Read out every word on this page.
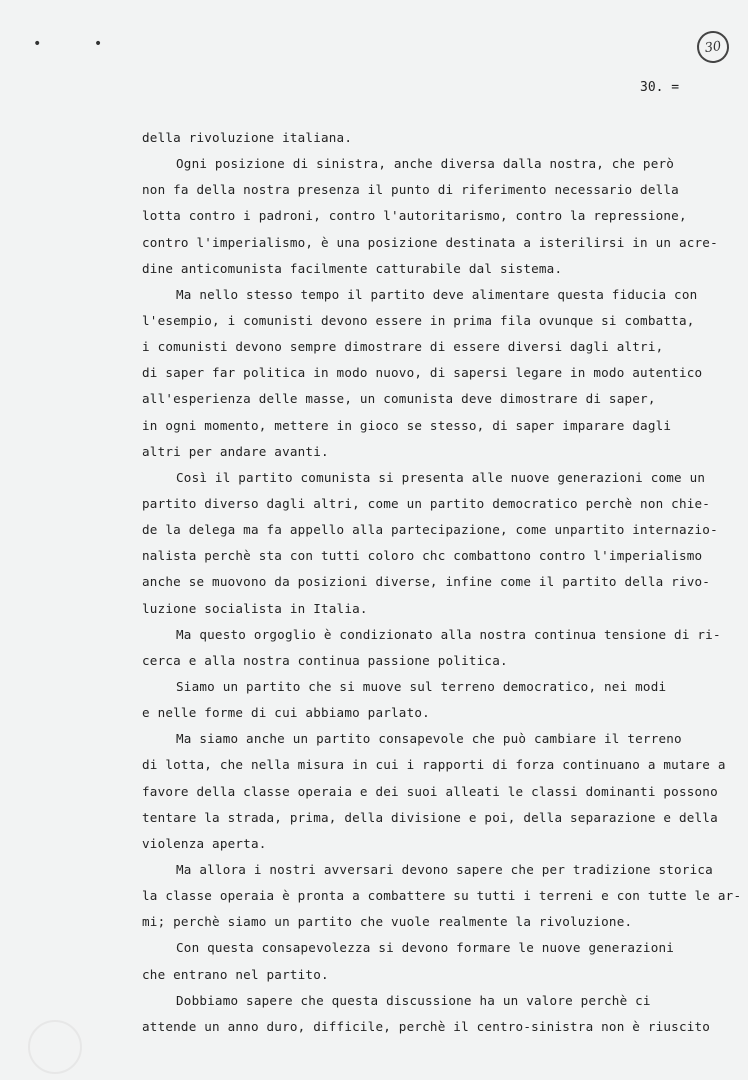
• •	30
30. =
della rivoluzione italiana.
Ogni posizione di sinistra, anche diversa dalla nostra, che però
non fa della nostra presenza il punto di riferimento necessario della
lotta contro i padroni, contro l'autoritarismo, contro la repressione,
contro l'imperialismo, è una posizione destinata a isterilirsi in un acre-
dine anticomunista facilmente catturabile dal sistema.
Ma nello stesso tempo il partito deve alimentare questa fiducia con
l'esempio, i comunisti devono essere in prima fila ovunque si combatta,
i comunisti devono sempre dimostrare di essere diversi dagli altri,
di saper far politica in modo nuovo, di sapersi legare in modo autentico
all'esperienza delle masse, un comunista deve dimostrare di saper,
in ogni momento, mettere in gioco se stesso, di saper imparare dagli
altri per andare avanti.
Così il partito comunista si presenta alle nuove generazioni come un
partito diverso dagli altri, come un partito democratico perchè non chie-
de la delega ma fa appello alla partecipazione, come unpartito internazio-
nalista perchè sta con tutti coloro chc combattono contro l'imperialismo
anche se muovono da posizioni diverse, infine come il partito della rivo-
luzione socialista in Italia.
Ma questo orgoglio è condizionato alla nostra continua tensione di ri-
cerca e alla nostra continua passione politica.
Siamo un partito che si muove sul terreno democratico, nei modi
e nelle forme di cui abbiamo parlato.
Ma siamo anche un partito consapevole che può cambiare il terreno
di lotta, che nella misura in cui i rapporti di forza continuano a mutare a
favore della classe operaia e dei suoi alleati le classi dominanti possono
tentare la strada, prima, della divisione e poi, della separazione e della
violenza aperta.
Ma allora i nostri avversari devono sapere che per tradizione storica
la classe operaia è pronta a combattere su tutti i terreni e con tutte le ar-
mi; perchè siamo un partito che vuole realmente la rivoluzione.
Con questa consapevolezza si devono formare le nuove generazioni
che entrano nel partito.
Dobbiamo sapere che questa discussione ha un valore perchè ci
attende un anno duro, difficile, perchè il centro-sinistra non è riuscito
